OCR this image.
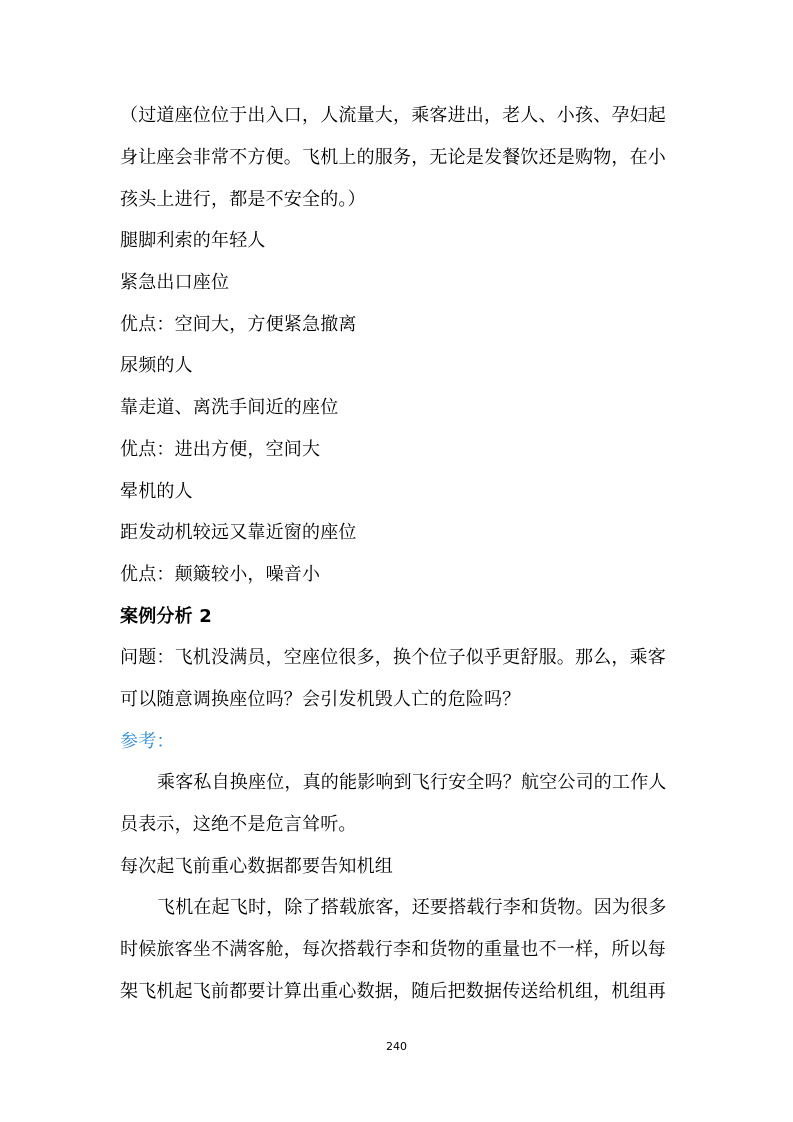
（过道座位位于出入口，人流量大，乘客进出，老人、小孩、孕妇起
身让座会非常不方便。飞机上的服务，无论是发餐饮还是购物，在小
孩头上进行，都是不安全的。）
腿脚利索的年轻人
紧急出口座位
优点：空间大，方便紧急撤离
尿频的人
靠走道、离洗手间近的座位
优点：进出方便，空间大
晕机的人
距发动机较远又靠近窗的座位
优点：颠簸较小，噪音小
案例分析 2
问题：飞机没满员，空座位很多，换个位子似乎更舒服。那么，乘客
可以随意调换座位吗？会引发机毁人亡的危险吗？
参考：
乘客私自换座位，真的能影响到飞行安全吗？航空公司的工作人
员表示，这绝不是危言耸听。
每次起飞前重心数据都要告知机组
飞机在起飞时，除了搭载旅客，还要搭载行李和货物。因为很多
时候旅客坐不满客舱，每次搭载行李和货物的重量也不一样，所以每
架飞机起飞前都要计算出重心数据，随后把数据传送给机组，机组再
240
